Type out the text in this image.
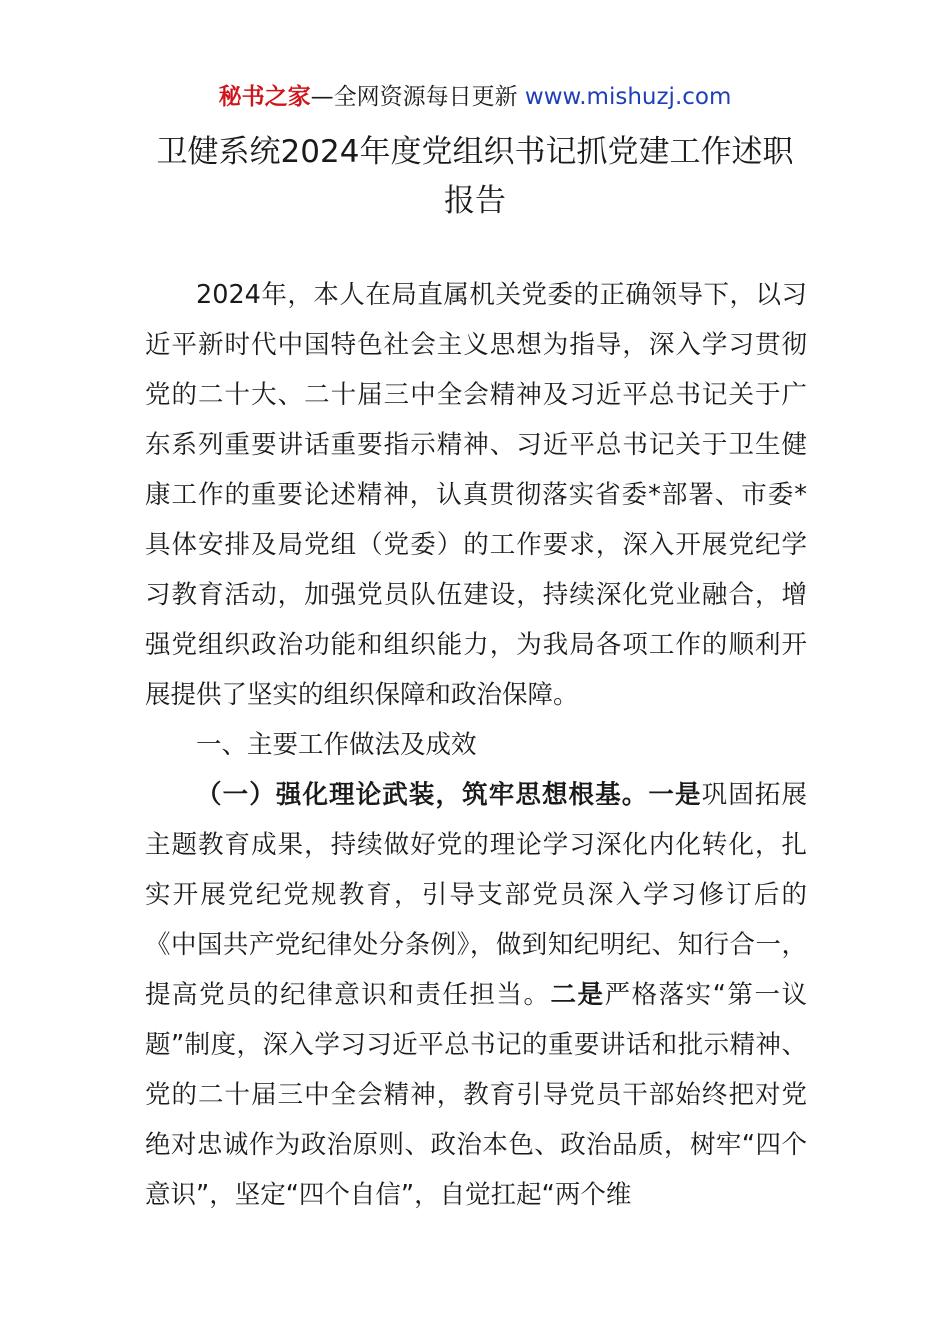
秘书之家—全网资源每日更新 www.mishuzj.com
卫健系统2024年度党组织书记抓党建工作述职
报告

2024年，本人在局直属机关党委的正确领导下，以习近平新时代中国特色社会主义思想为指导，深入学习贯彻党的二十大、二十届三中全会精神及习近平总书记关于广东系列重要讲话重要指示精神、习近平总书记关于卫生健康工作的重要论述精神，认真贯彻落实省委*部署、市委*具体安排及局党组（党委）的工作要求，深入开展党纪学习教育活动，加强党员队伍建设，持续深化党业融合，增强党组织政治功能和组织能力，为我局各项工作的顺利开展提供了坚实的组织保障和政治保障。

一、主要工作做法及成效

（一）强化理论武装，筑牢思想根基。一是巩固拓展主题教育成果，持续做好党的理论学习深化内化转化，扎实开展党纪党规教育，引导支部党员深入学习修订后的《中国共产党纪律处分条例》，做到知纪明纪、知行合一，提高党员的纪律意识和责任担当。二是严格落实“第一议题”制度，深入学习习近平总书记的重要讲话和批示精神、党的二十届三中全会精神，教育引导党员干部始终把对党绝对忠诚作为政治原则、政治本色、政治品质，树牢“四个意识”，坚定“四个自信”，自觉扛起“两个维
